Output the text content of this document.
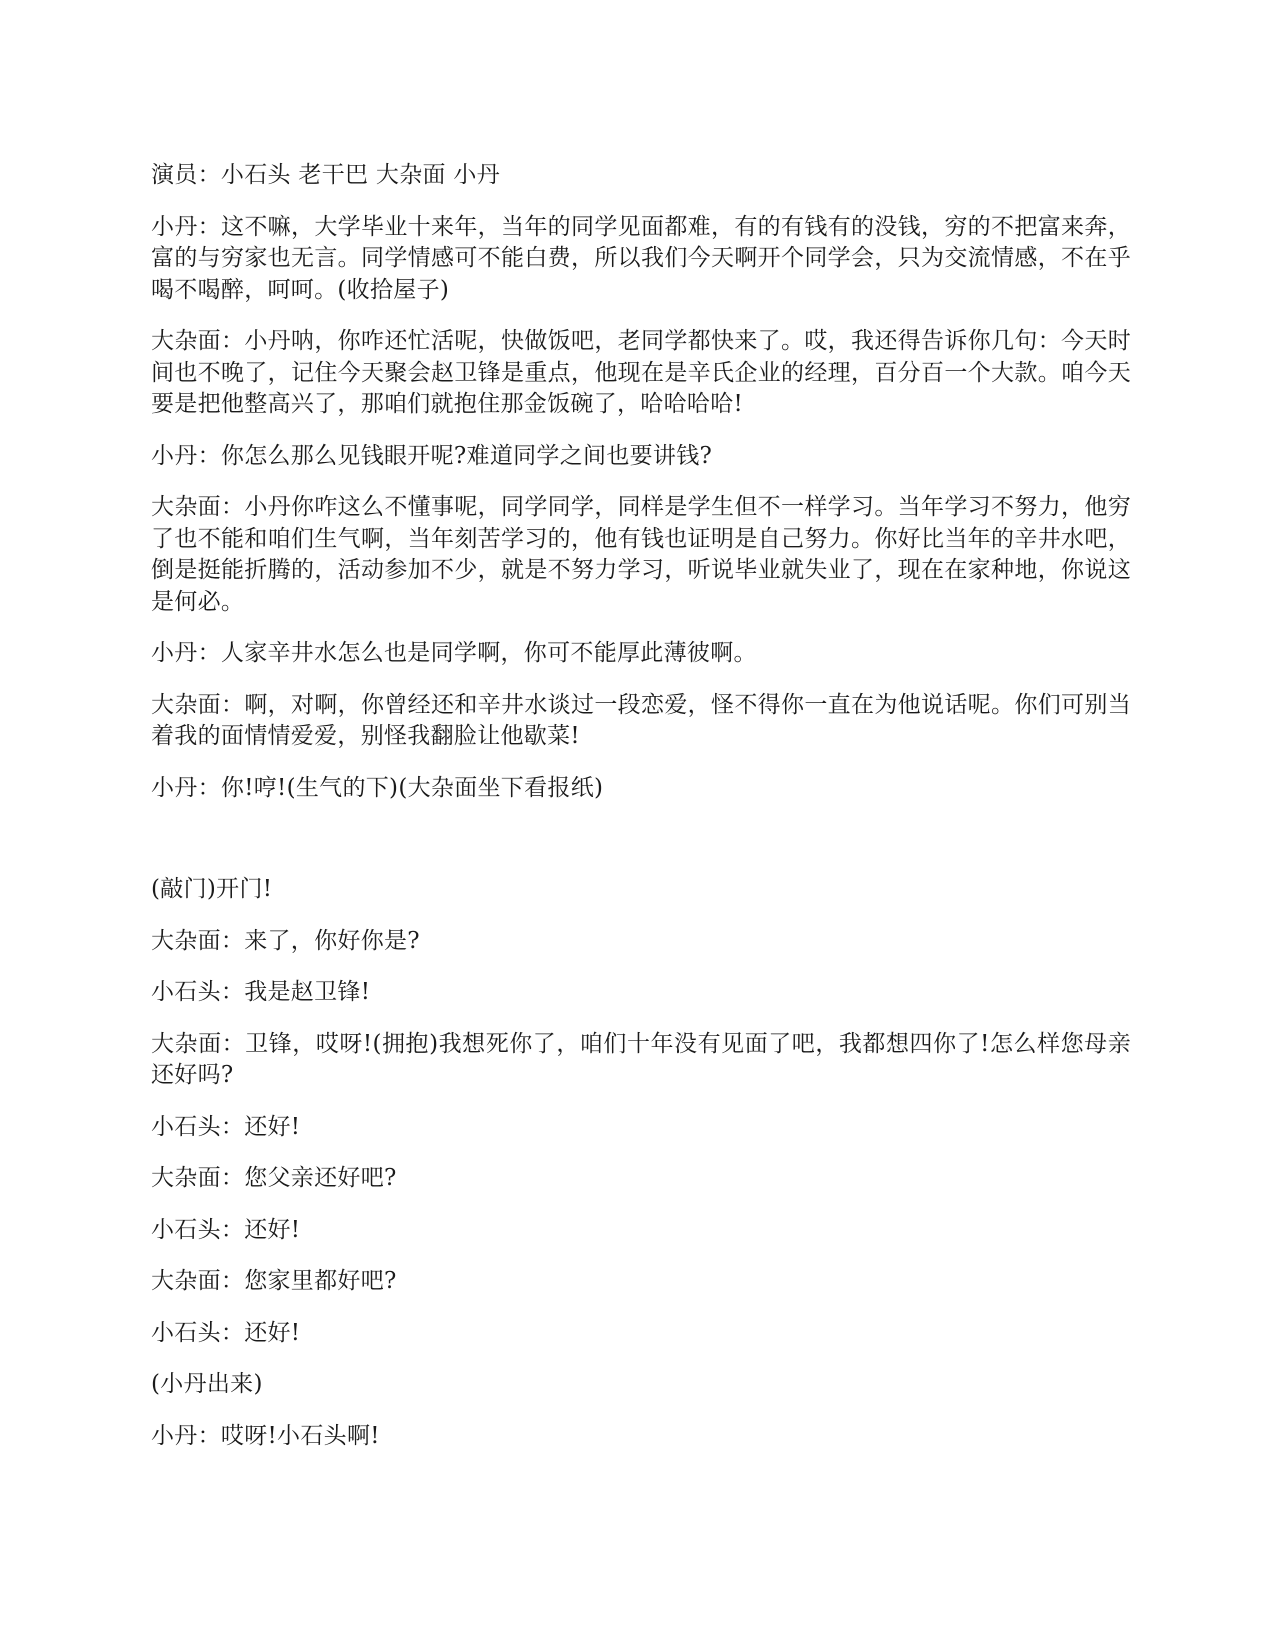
演员：小石头 老干巴 大杂面 小丹

小丹：这不嘛，大学毕业十来年，当年的同学见面都难，有的有钱有的没钱，穷的不把富来奔，富的与穷家也无言。同学情感可不能白费，所以我们今天啊开个同学会，只为交流情感，不在乎喝不喝醉，呵呵。(收拾屋子)

大杂面：小丹呐，你咋还忙活呢，快做饭吧，老同学都快来了。哎，我还得告诉你几句：今天时间也不晚了，记住今天聚会赵卫锋是重点，他现在是辛氏企业的经理，百分百一个大款。咱今天要是把他整高兴了，那咱们就抱住那金饭碗了，哈哈哈哈!

小丹：你怎么那么见钱眼开呢?难道同学之间也要讲钱?

大杂面：小丹你咋这么不懂事呢，同学同学，同样是学生但不一样学习。当年学习不努力，他穷了也不能和咱们生气啊，当年刻苦学习的，他有钱也证明是自己努力。你好比当年的辛井水吧，倒是挺能折腾的，活动参加不少，就是不努力学习，听说毕业就失业了，现在在家种地，你说这是何必。

小丹：人家辛井水怎么也是同学啊，你可不能厚此薄彼啊。

大杂面：啊，对啊，你曾经还和辛井水谈过一段恋爱，怪不得你一直在为他说话呢。你们可别当着我的面情情爱爱，别怪我翻脸让他歇菜!

小丹：你!哼!(生气的下)(大杂面坐下看报纸)

(敲门)开门!

大杂面：来了，你好你是?

小石头：我是赵卫锋!

大杂面：卫锋，哎呀!(拥抱)我想死你了，咱们十年没有见面了吧，我都想四你了!怎么样您母亲还好吗?

小石头：还好!

大杂面：您父亲还好吧?

小石头：还好!

大杂面：您家里都好吧?

小石头：还好!

(小丹出来)

小丹：哎呀!小石头啊!
